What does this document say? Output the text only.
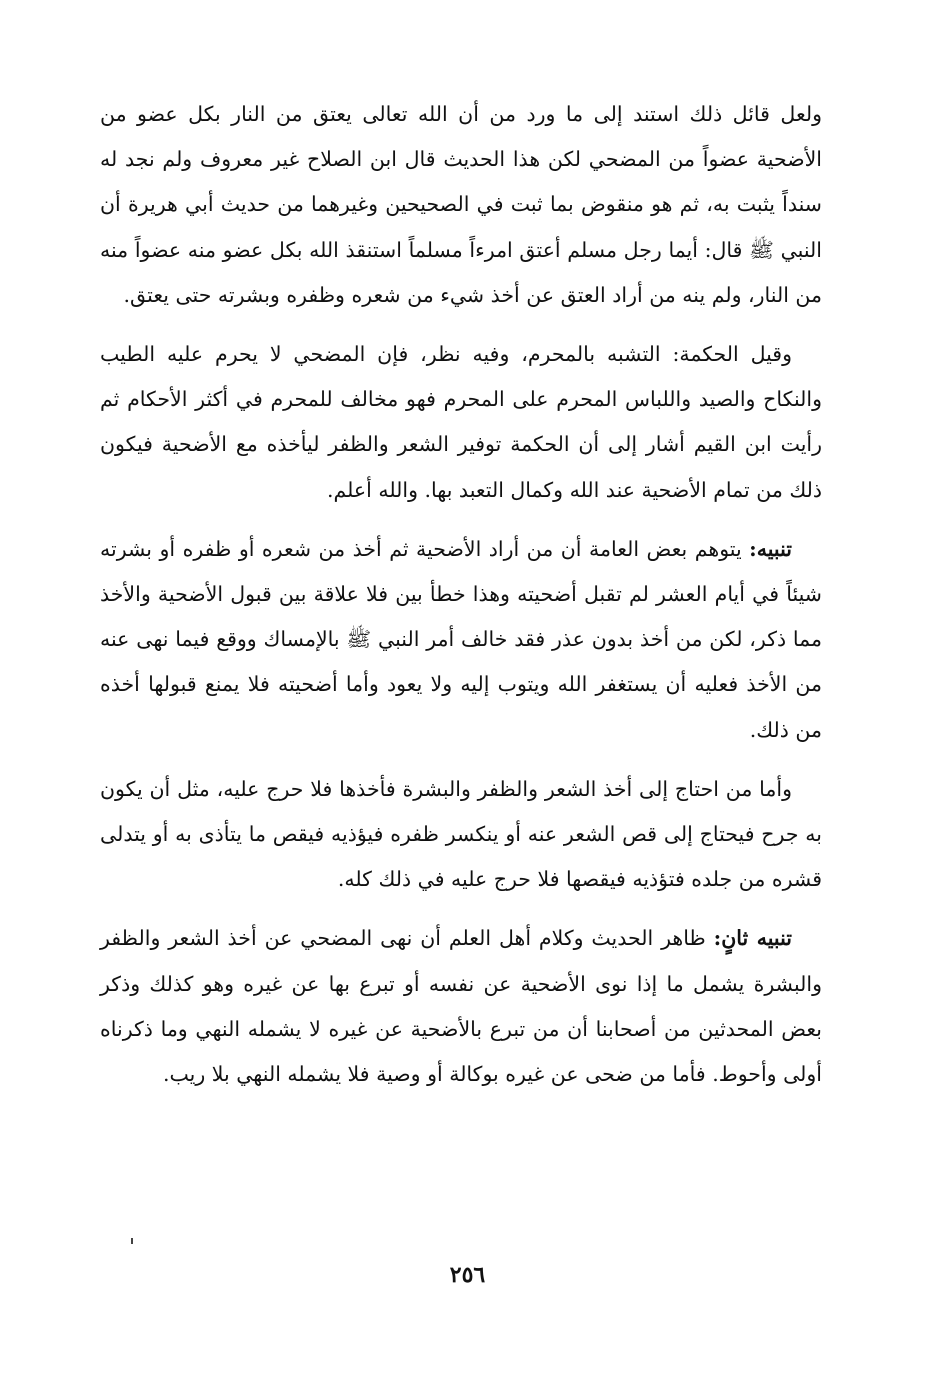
ولعل قائل ذلك استند إلى ما ورد من أن الله تعالى يعتق من النار بكل عضو من الأضحية عضواً من المضحي لكن هذا الحديث قال ابن الصلاح غير معروف ولم نجد له سنداً يثبت به، ثم هو منقوض بما ثبت في الصحيحين وغيرهما من حديث أبي هريرة أن النبي ﷺ قال: أيما رجل مسلم أعتق امرءاً مسلماً استنقذ الله بكل عضو منه عضواً منه من النار، ولم ينه من أراد العتق عن أخذ شيء من شعره وظفره وبشرته حتى يعتق.

وقيل الحكمة: التشبه بالمحرم، وفيه نظر، فإن المضحي لا يحرم عليه الطيب والنكاح والصيد واللباس المحرم على المحرم فهو مخالف للمحرم في أكثر الأحكام ثم رأيت ابن القيم أشار إلى أن الحكمة توفير الشعر والظفر ليأخذه مع الأضحية فيكون ذلك من تمام الأضحية عند الله وكمال التعبد بها. والله أعلم.

تنبيه: يتوهم بعض العامة أن من أراد الأضحية ثم أخذ من شعره أو ظفره أو بشرته شيئاً في أيام العشر لم تقبل أضحيته وهذا خطأ بين فلا علاقة بين قبول الأضحية والأخذ مما ذكر، لكن من أخذ بدون عذر فقد خالف أمر النبي ﷺ بالإمساك ووقع فيما نهى عنه من الأخذ فعليه أن يستغفر الله ويتوب إليه ولا يعود وأما أضحيته فلا يمنع قبولها أخذه من ذلك.

وأما من احتاج إلى أخذ الشعر والظفر والبشرة فأخذها فلا حرج عليه، مثل أن يكون به جرح فيحتاج إلى قص الشعر عنه أو ينكسر ظفره فيؤذيه فيقص ما يتأذى به أو يتدلى قشره من جلده فتؤذيه فيقصها فلا حرج عليه في ذلك كله.

تنبيه ثانٍ: ظاهر الحديث وكلام أهل العلم أن نهى المضحي عن أخذ الشعر والظفر والبشرة يشمل ما إذا نوى الأضحية عن نفسه أو تبرع بها عن غيره وهو كذلك وذكر بعض المحدثين من أصحابنا أن من تبرع بالأضحية عن غيره لا يشمله النهي وما ذكرناه أولى وأحوط. فأما من ضحى عن غيره بوكالة أو وصية فلا يشمله النهي بلا ريب.

٢٥٦
